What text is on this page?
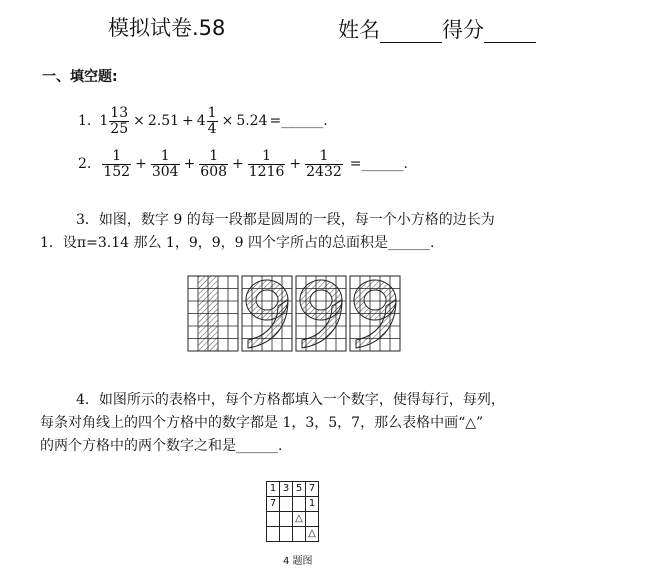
模拟试卷.58	姓名	得分
一、填空题:
1. $1 \frac{13}{25} \times 2.51 + 4 \frac{1}{4} \times 5.24$ =______.
2. $\frac{1}{152} + \frac{1}{304} + \frac{1}{608} + \frac{1}{1216} + \frac{1}{2432}$ =______.
3．如图，数字 9 的每一段都是圆周的一段，每一个小方格的边长为
1．设π=3.14 那么 1，9，9，9 四个字所占的总面积是______.
4．如图所示的表格中，每个方格都填入一个数字，使得每行，每列，
每条对角线上的四个方格中的数字都是 1，3，5，7，那么表格中画“△”
的两个方格中的两个数字之和是______.
1	3	5	7
7			1
		△	
			△
4 题图
